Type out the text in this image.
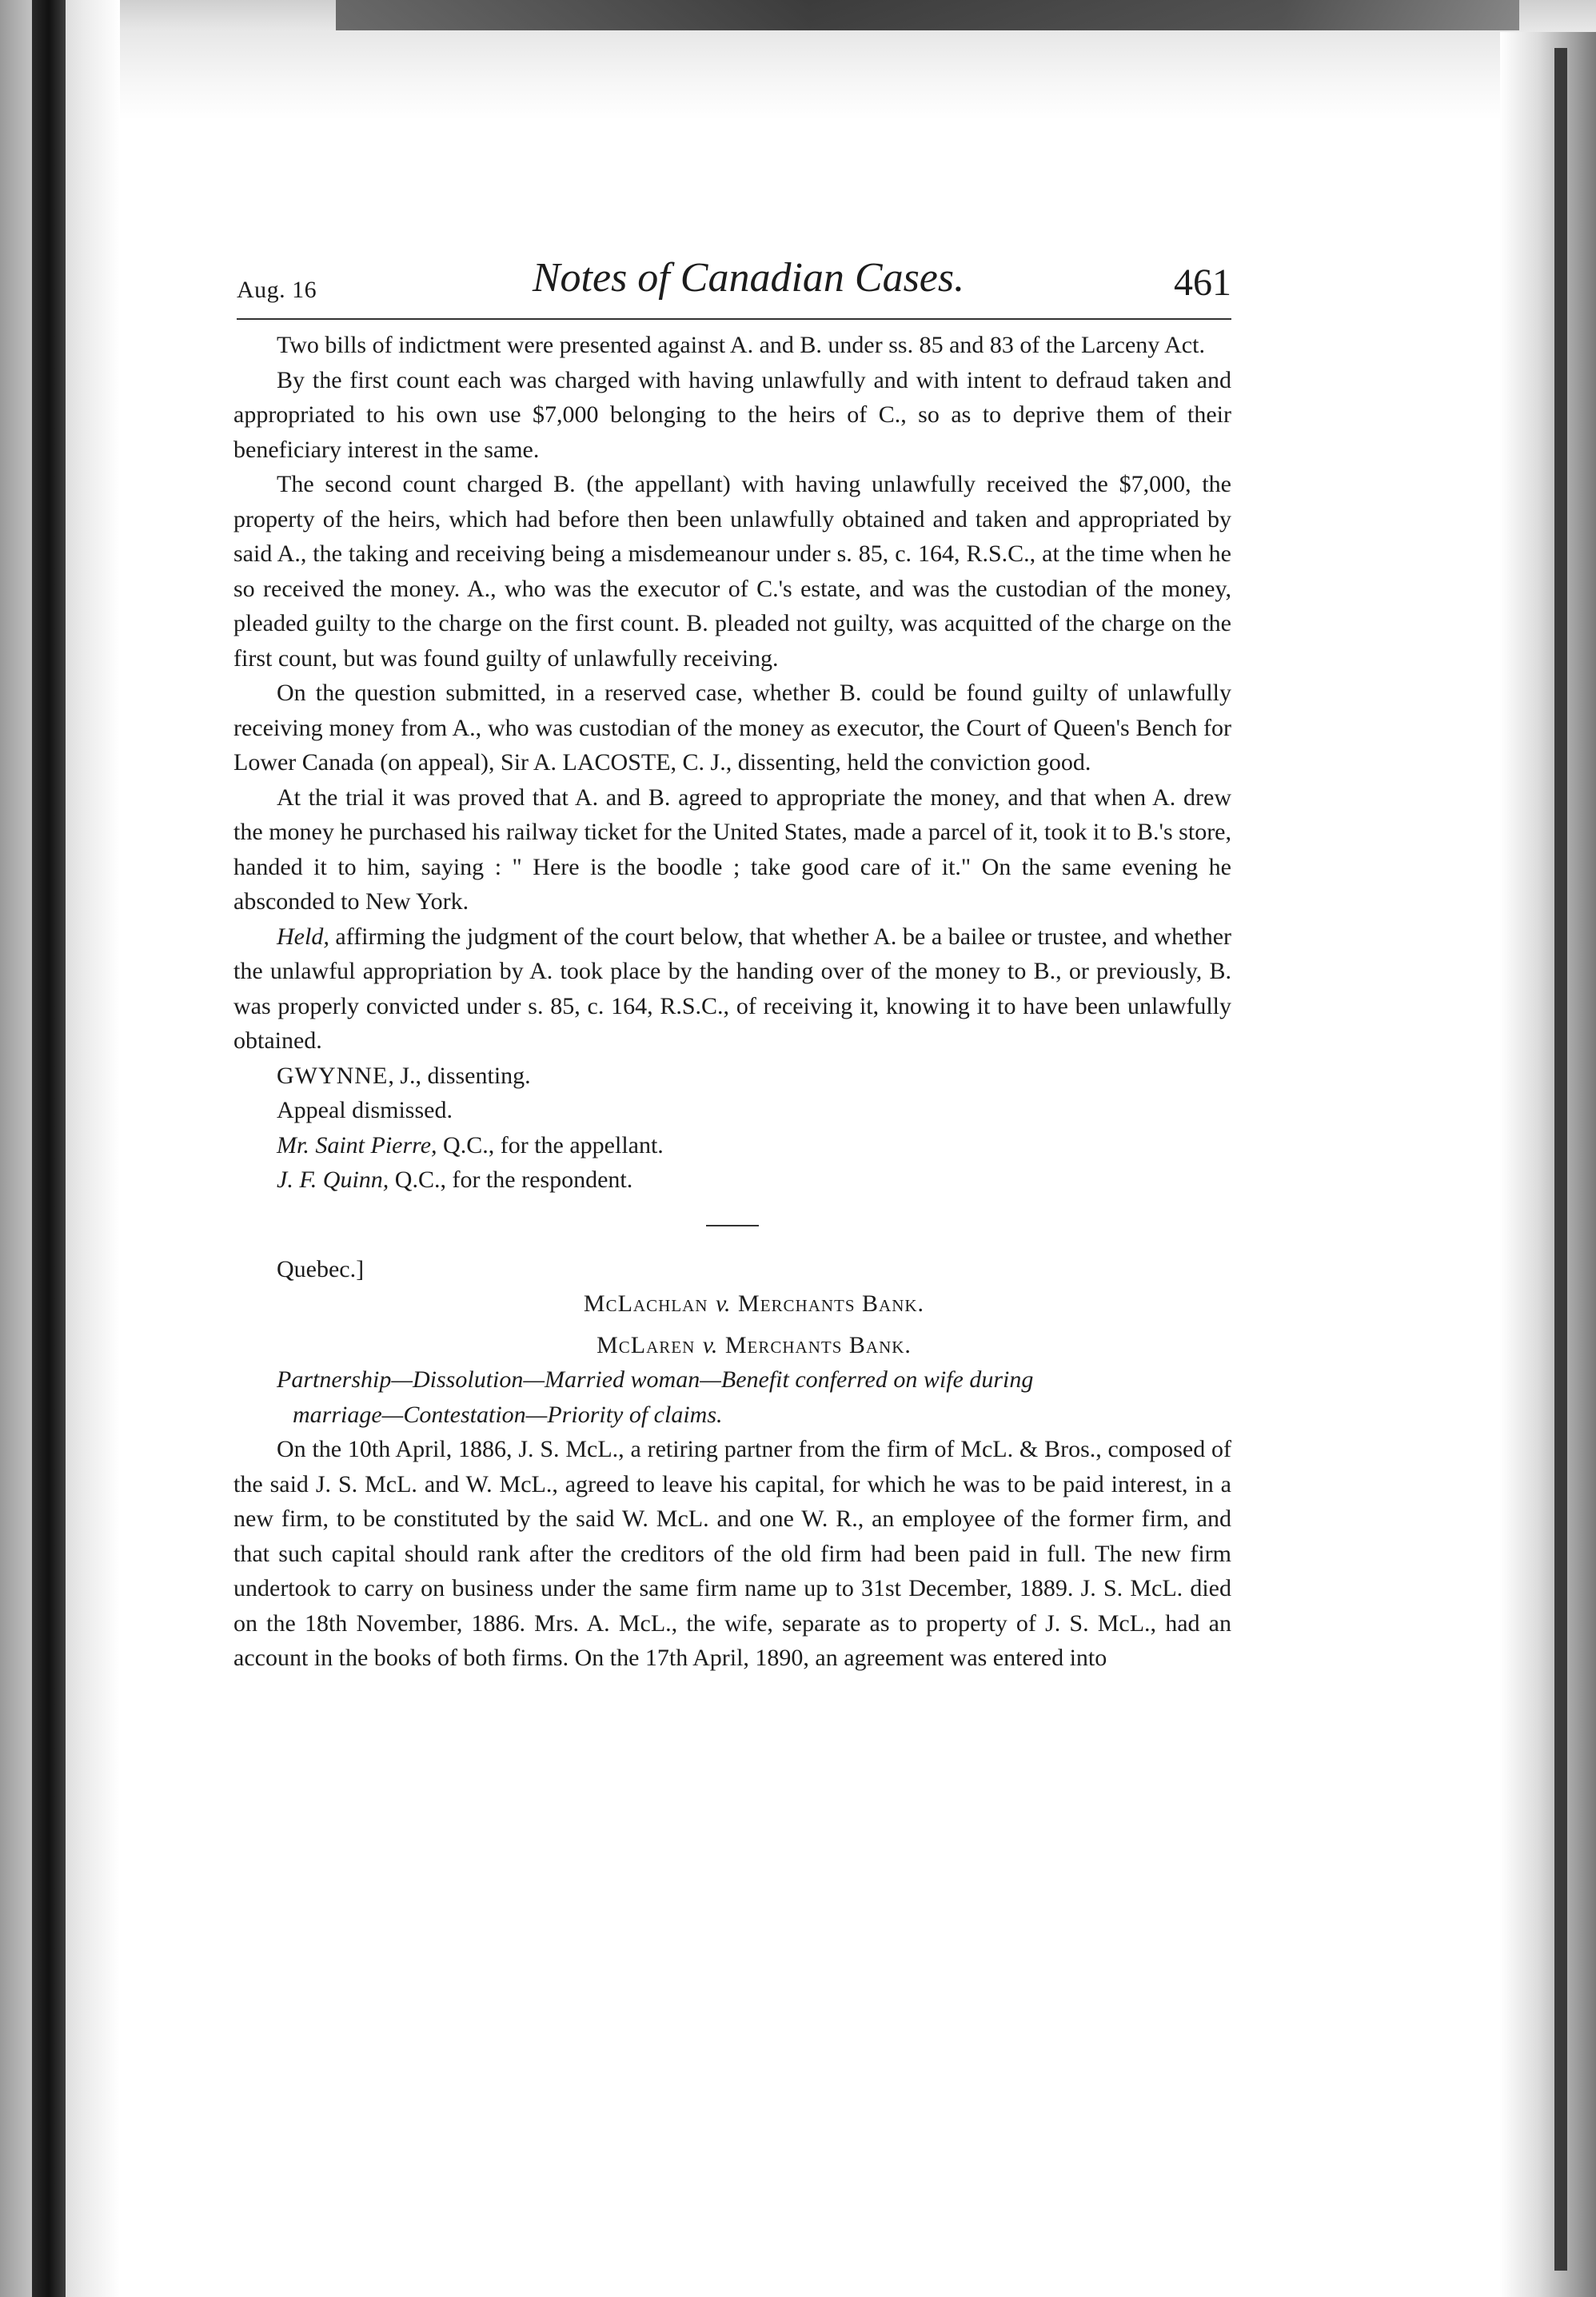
Aug. 16	Notes of Canadian Cases.	461

Two bills of indictment were presented against A. and B. under ss. 85 and 83 of the Larceny Act.

By the first count each was charged with having unlawfully and with intent to defraud taken and appropriated to his own use $7,000 belonging to the heirs of C., so as to deprive them of their beneficiary interest in the same.

The second count charged B. (the appellant) with having unlawfully received the $7,000, the property of the heirs, which had before then been unlawfully obtained and taken and appropriated by said A., the taking and receiving being a misdemeanour under s. 85, c. 164, R.S.C., at the time when he so received the money. A., who was the executor of C.'s estate, and was the custodian of the money, pleaded guilty to the charge on the first count. B. pleaded not guilty, was acquitted of the charge on the first count, but was found guilty of unlawfully receiving.

On the question submitted, in a reserved case, whether B. could be found guilty of unlawfully receiving money from A., who was custodian of the money as executor, the Court of Queen's Bench for Lower Canada (on appeal), Sir A. LACOSTE, C. J., dissenting, held the conviction good.

At the trial it was proved that A. and B. agreed to appropriate the money, and that when A. drew the money he purchased his railway ticket for the United States, made a parcel of it, took it to B.'s store, handed it to him, saying : " Here is the boodle ; take good care of it." On the same evening he absconded to New York.

Held, affirming the judgment of the court below, that whether A. be a bailee or trustee, and whether the unlawful appropriation by A. took place by the handing over of the money to B., or previously, B. was properly convicted under s. 85, c. 164, R.S.C., of receiving it, knowing it to have been unlawfully obtained.

GWYNNE, J., dissenting.

Appeal dismissed.

Mr. Saint Pierre, Q.C., for the appellant.

J. F. Quinn, Q.C., for the respondent.

Quebec.]

McLachlan v. Merchants Bank.

McLaren v. Merchants Bank.

Partnership—Dissolution—Married woman—Benefit conferred on wife during
marriage—Contestation—Priority of claims.

On the 10th April, 1886, J. S. McL., a retiring partner from the firm of McL. & Bros., composed of the said J. S. McL. and W. McL., agreed to leave his capital, for which he was to be paid interest, in a new firm, to be constituted by the said W. McL. and one W. R., an employee of the former firm, and that such capital should rank after the creditors of the old firm had been paid in full. The new firm undertook to carry on business under the same firm name up to 31st December, 1889. J. S. McL. died on the 18th November, 1886. Mrs. A. McL., the wife, separate as to property of J. S. McL., had an account in the books of both firms. On the 17th April, 1890, an agreement was entered into
